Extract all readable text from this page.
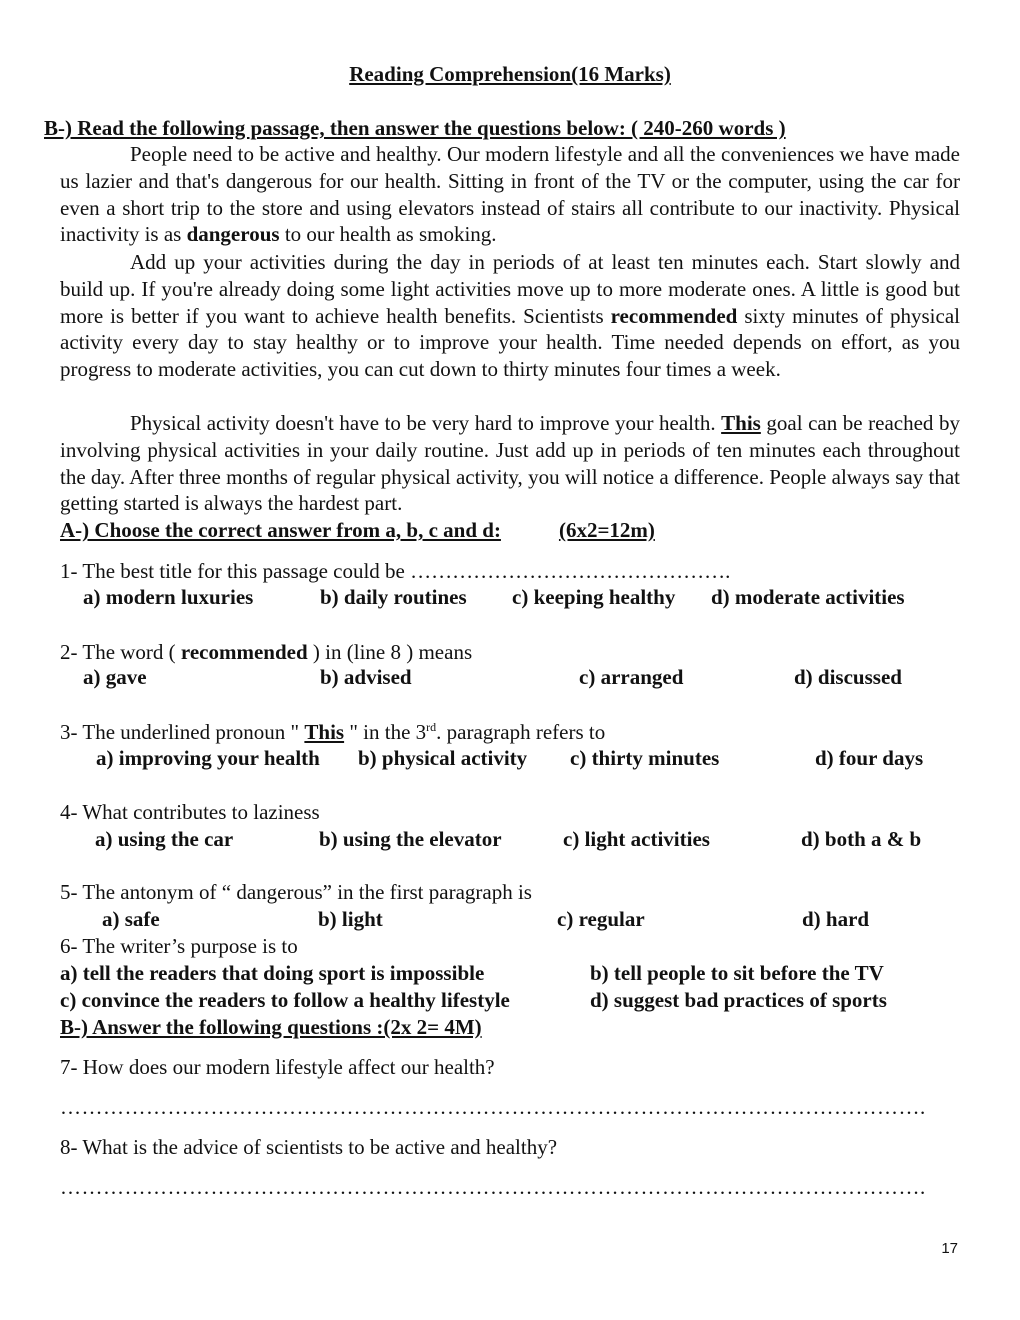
Reading Comprehension(16 Marks)
B-) Read the following passage, then answer the questions below: ( 240-260 words )
People need to be active and healthy. Our modern lifestyle and all the conveniences we have made us lazier and that's dangerous for our health. Sitting in front of the TV or the computer, using the car for even a short trip to the store and using elevators instead of stairs all contribute to our inactivity. Physical inactivity is as dangerous to our health as smoking.
Add up your activities during the day in periods of at least ten minutes each. Start slowly and build up. If you're already doing some light activities move up to more moderate ones. A little is good but more is better if you want to achieve health benefits. Scientists recommended sixty minutes of physical activity every day to stay healthy or to improve your health. Time needed depends on effort, as you progress to moderate activities, you can cut down to thirty minutes four times a week.
Physical activity doesn't have to be very hard to improve your health. This goal can be reached by involving physical activities in your daily routine. Just add up in periods of ten minutes each throughout the day. After three months of regular physical activity, you will notice a difference. People always say that getting started is always the hardest part.
A-) Choose the correct answer from a, b, c and d:	(6x2=12m)
1- The best title for this passage could be ……………………………………….
a) modern luxuries	b) daily routines c) keeping healthy d) moderate activities
2- The word ( recommended ) in (line 8 ) means
a) gave	b) advised	c) arranged	d) discussed
3- The underlined pronoun " This " in the 3rd. paragraph refers to
a) improving your health b) physical activity c) thirty minutes	d) four days
4- What contributes to laziness
a) using the car	b) using the elevator	c) light activities	d) both a & b
5- The antonym of “ dangerous” in the first paragraph is
a) safe	b) light	c) regular	d) hard
6- The writer’s purpose is to
a) tell the readers that doing sport is impossible	b) tell people to sit before the TV
c) convince the readers to follow a healthy lifestyle	d) suggest bad practices of sports
B-) Answer the following questions :(2x 2= 4M)
7- How does our modern lifestyle affect our health?
………………………………………………………………………………………………………….
8- What is the advice of scientists to be active and healthy?
………………………………………………………………………………………………………….
17
